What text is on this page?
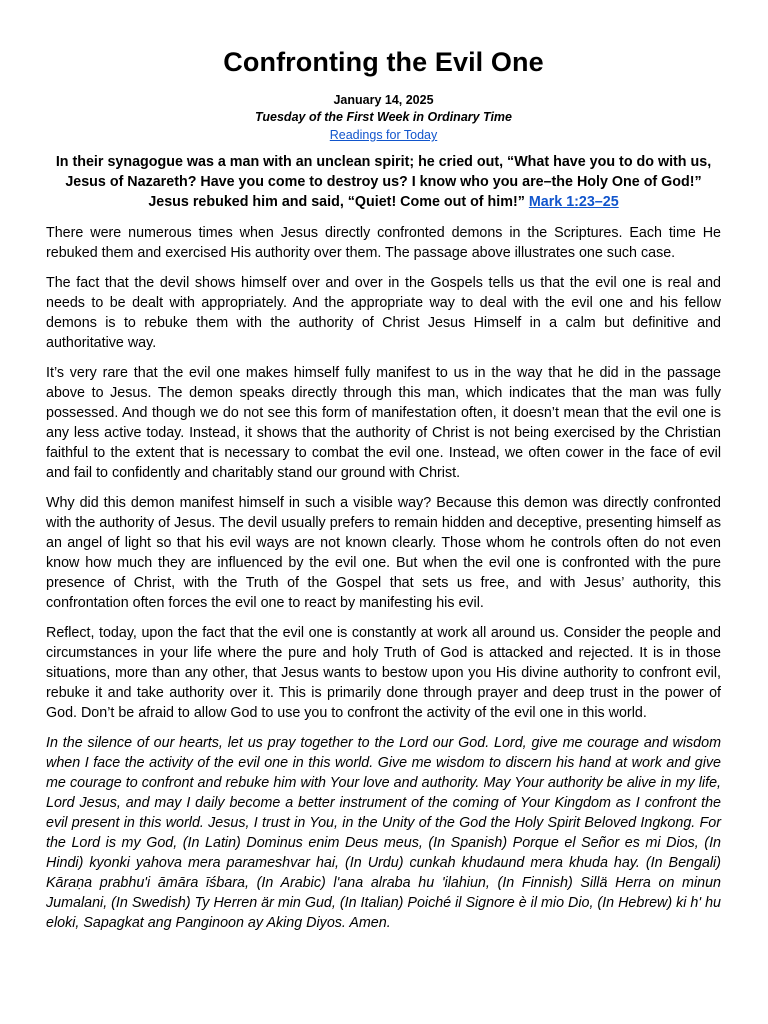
Confronting the Evil One
January 14, 2025
Tuesday of the First Week in Ordinary Time
Readings for Today
In their synagogue was a man with an unclean spirit; he cried out, “What have you to do with us, Jesus of Nazareth? Have you come to destroy us? I know who you are–the Holy One of God!” Jesus rebuked him and said, “Quiet! Come out of him!” Mark 1:23–25

There were numerous times when Jesus directly confronted demons in the Scriptures. Each time He rebuked them and exercised His authority over them. The passage above illustrates one such case.

The fact that the devil shows himself over and over in the Gospels tells us that the evil one is real and needs to be dealt with appropriately. And the appropriate way to deal with the evil one and his fellow demons is to rebuke them with the authority of Christ Jesus Himself in a calm but definitive and authoritative way.

It’s very rare that the evil one makes himself fully manifest to us in the way that he did in the passage above to Jesus. The demon speaks directly through this man, which indicates that the man was fully possessed. And though we do not see this form of manifestation often, it doesn’t mean that the evil one is any less active today. Instead, it shows that the authority of Christ is not being exercised by the Christian faithful to the extent that is necessary to combat the evil one. Instead, we often cower in the face of evil and fail to confidently and charitably stand our ground with Christ.

Why did this demon manifest himself in such a visible way? Because this demon was directly confronted with the authority of Jesus. The devil usually prefers to remain hidden and deceptive, presenting himself as an angel of light so that his evil ways are not known clearly. Those whom he controls often do not even know how much they are influenced by the evil one. But when the evil one is confronted with the pure presence of Christ, with the Truth of the Gospel that sets us free, and with Jesus’ authority, this confrontation often forces the evil one to react by manifesting his evil.

Reflect, today, upon the fact that the evil one is constantly at work all around us. Consider the people and circumstances in your life where the pure and holy Truth of God is attacked and rejected. It is in those situations, more than any other, that Jesus wants to bestow upon you His divine authority to confront evil, rebuke it and take authority over it. This is primarily done through prayer and deep trust in the power of God. Don’t be afraid to allow God to use you to confront the activity of the evil one in this world.

In the silence of our hearts, let us pray together to the Lord our God. Lord, give me courage and wisdom when I face the activity of the evil one in this world. Give me wisdom to discern his hand at work and give me courage to confront and rebuke him with Your love and authority. May Your authority be alive in my life, Lord Jesus, and may I daily become a better instrument of the coming of Your Kingdom as I confront the evil present in this world. Jesus, I trust in You, in the Unity of the God the Holy Spirit Beloved Ingkong. For the Lord is my God, (In Latin) Dominus enim Deus meus, (In Spanish) Porque el Señor es mi Dios, (In Hindi) kyonki yahova mera parameshvar hai, (In Urdu) cunkah khudaund mera khuda hay. (In Bengali) Kāraṇa prabhu'i āmāra īśbara, (In Arabic) l'ana alraba hu 'ilahiun, (In Finnish) Sillä Herra on minun Jumalani, (In Swedish) Ty Herren är min Gud, (In Italian) Poiché il Signore è il mio Dio, (In Hebrew) ki h' hu eloki, Sapagkat ang Panginoon ay Aking Diyos. Amen.
